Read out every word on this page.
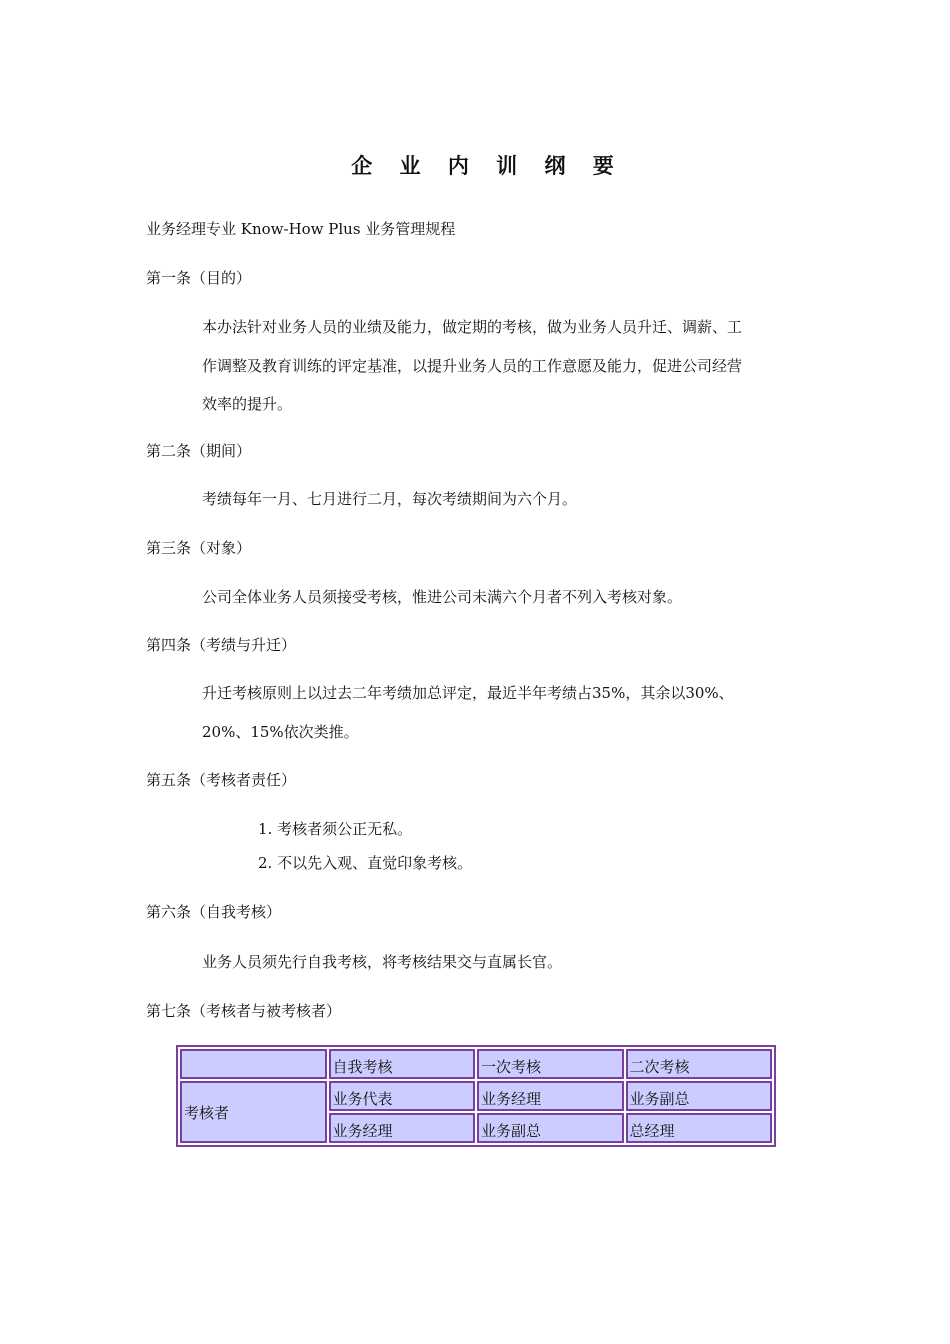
企 业 内 训 纲 要
业务经理专业 Know-How Plus 业务管理规程
第一条（目的）
本办法针对业务人员的业绩及能力，做定期的考核，做为业务人员升迁、调薪、工作调整及教育训练的评定基准，以提升业务人员的工作意愿及能力，促进公司经营效率的提升。
第二条（期间）
考绩每年一月、七月进行二月，每次考绩期间为六个月。
第三条（对象）
公司全体业务人员须接受考核，惟进公司未满六个月者不列入考核对象。
第四条（考绩与升迁）
升迁考核原则上以过去二年考绩加总评定，最近半年考绩占35%，其余以30%、20%、15%依次类推。
第五条（考核者责任）
1. 考核者须公正无私。
2. 不以先入观、直觉印象考核。
第六条（自我考核）
业务人员须先行自我考核，将考核结果交与直属长官。
第七条（考核者与被考核者）
	自我考核	一次考核	二次考核
考核者	业务代表	业务经理	业务副总
	业务经理	业务副总	总经理
